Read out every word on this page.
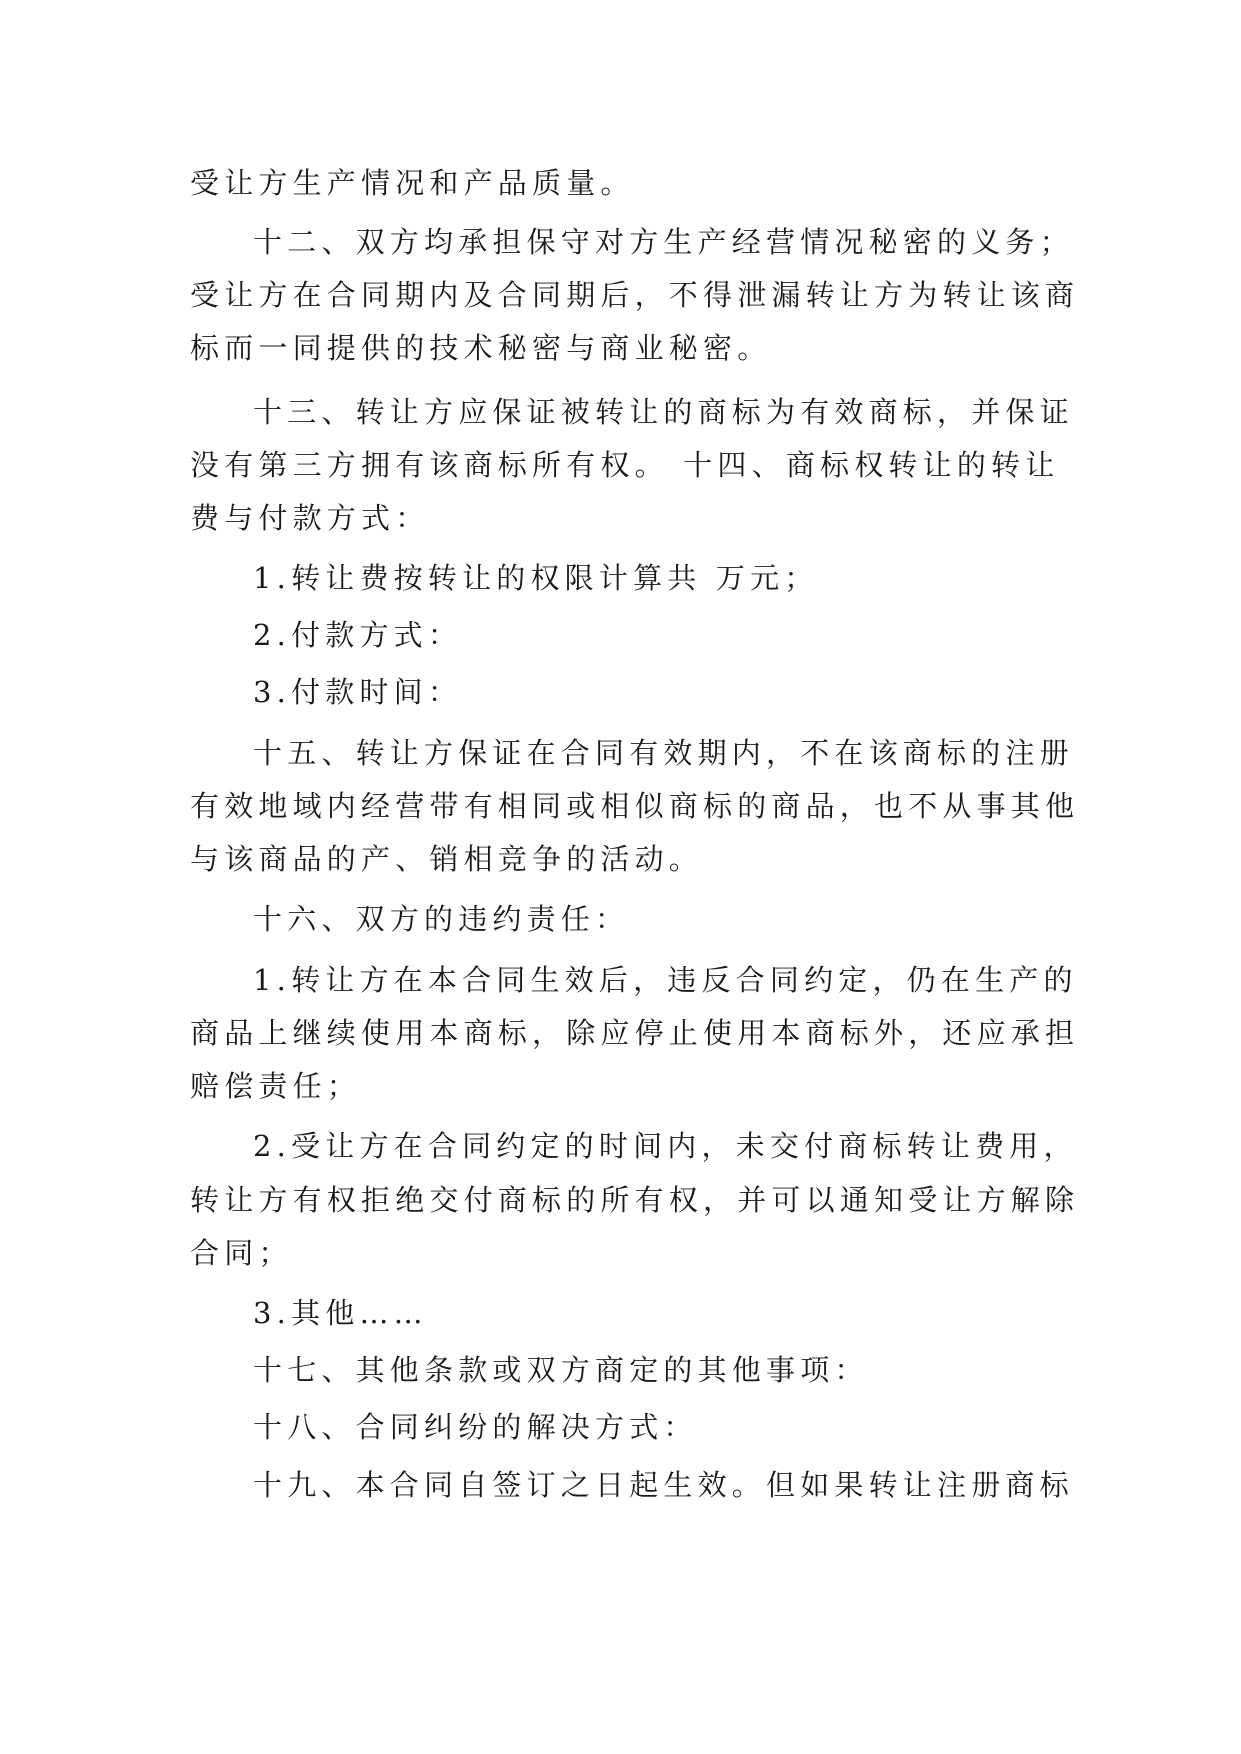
受让方生产情况和产品质量。
十二、双方均承担保守对方生产经营情况秘密的义务；
受让方在合同期内及合同期后，不得泄漏转让方为转让该商
标而一同提供的技术秘密与商业秘密。
十三、转让方应保证被转让的商标为有效商标，并保证
没有第三方拥有该商标所有权。 十四、商标权转让的转让
费与付款方式：
1.转让费按转让的权限计算共 万元；
2.付款方式：
3.付款时间：
十五、转让方保证在合同有效期内，不在该商标的注册
有效地域内经营带有相同或相似商标的商品，也不从事其他
与该商品的产、销相竞争的活动。
十六、双方的违约责任：
1.转让方在本合同生效后，违反合同约定，仍在生产的
商品上继续使用本商标，除应停止使用本商标外，还应承担
赔偿责任；
2.受让方在合同约定的时间内，未交付商标转让费用，
转让方有权拒绝交付商标的所有权，并可以通知受让方解除
合同；
3.其他……
十七、其他条款或双方商定的其他事项：
十八、合同纠纷的解决方式：
十九、本合同自签订之日起生效。但如果转让注册商标
